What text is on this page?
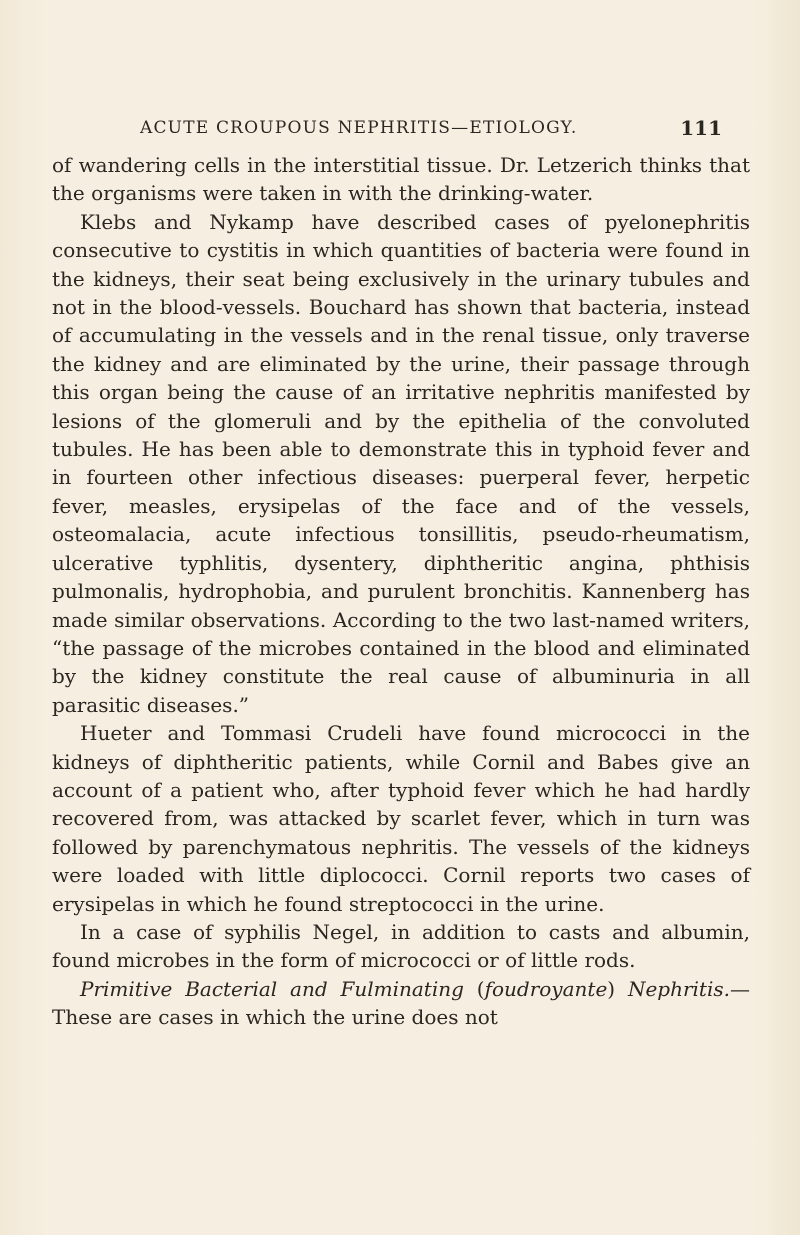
ACUTE CROUPOUS NEPHRITIS—ETIOLOGY.	111

of wandering cells in the interstitial tissue. Dr. Letzerich thinks that the organisms were taken in with the drinking-water.

Klebs and Nykamp have described cases of pyelonephritis consecutive to cystitis in which quantities of bacteria were found in the kidneys, their seat being exclusively in the urinary tubules and not in the blood-vessels. Bouchard has shown that bacteria, instead of accumulating in the vessels and in the renal tissue, only traverse the kidney and are eliminated by the urine, their passage through this organ being the cause of an irritative nephritis manifested by lesions of the glomeruli and by the epithelia of the convoluted tubules. He has been able to demonstrate this in typhoid fever and in fourteen other infectious diseases: puerperal fever, herpetic fever, measles, erysipelas of the face and of the vessels, osteomalacia, acute infectious tonsillitis, pseudo-rheumatism, ulcerative typhlitis, dysentery, diphtheritic angina, phthisis pulmonalis, hydrophobia, and purulent bronchitis. Kannenberg has made similar observations. According to the two last-named writers, “the passage of the microbes contained in the blood and eliminated by the kidney constitute the real cause of albuminuria in all parasitic diseases.”

Hueter and Tommasi Crudeli have found micrococci in the kidneys of diphtheritic patients, while Cornil and Babes give an account of a patient who, after typhoid fever which he had hardly recovered from, was attacked by scarlet fever, which in turn was followed by parenchymatous nephritis. The vessels of the kidneys were loaded with little diplococci. Cornil reports two cases of erysipelas in which he found streptococci in the urine.

In a case of syphilis Negel, in addition to casts and albumin, found microbes in the form of micrococci or of little rods.

Primitive Bacterial and Fulminating (foudroyante) Nephritis.—These are cases in which the urine does not
